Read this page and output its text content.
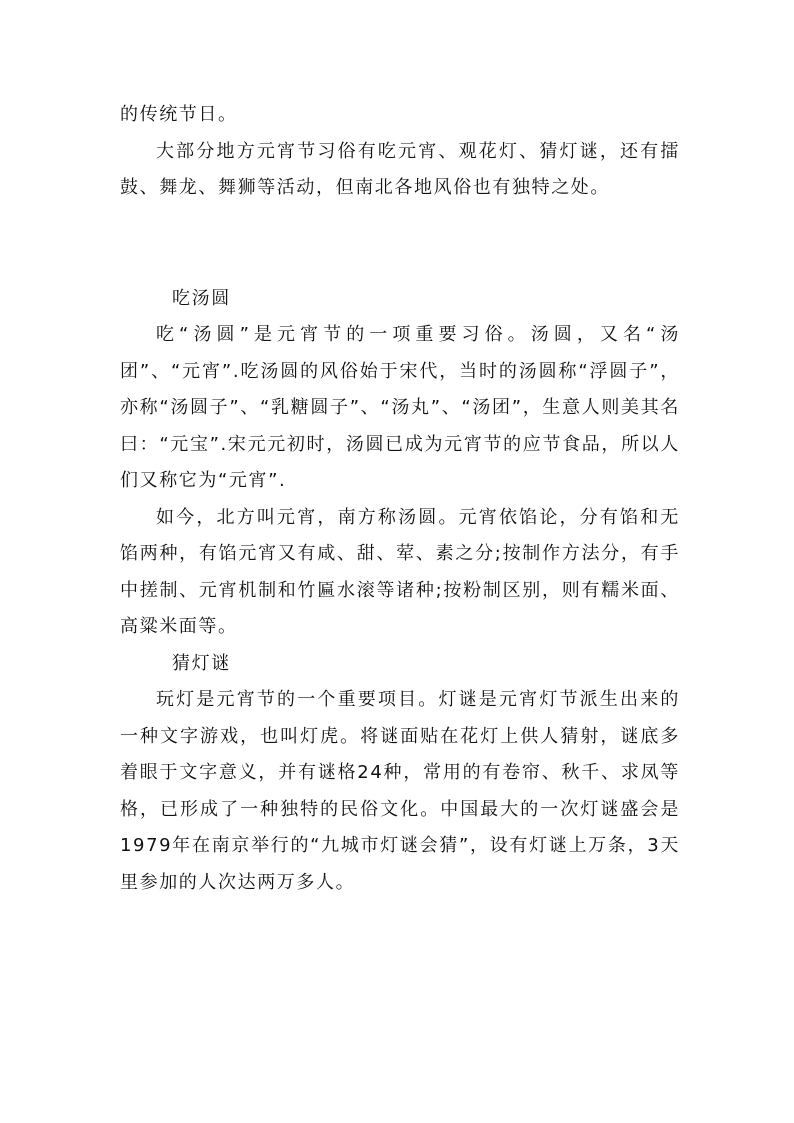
的传统节日。

大部分地方元宵节习俗有吃元宵、观花灯、猜灯谜，还有擂鼓、舞龙、舞狮等活动，但南北各地风俗也有独特之处。

吃汤圆

吃“汤圆”是元宵节的一项重要习俗。汤圆，又名“汤团”、“元宵”.吃汤圆的风俗始于宋代，当时的汤圆称“浮圆子”，亦称“汤圆子”、“乳糖圆子”、“汤丸”、“汤团”，生意人则美其名曰：“元宝”.宋元元初时，汤圆已成为元宵节的应节食品，所以人们又称它为“元宵”.

如今，北方叫元宵，南方称汤圆。元宵依馅论，分有馅和无馅两种，有馅元宵又有咸、甜、荤、素之分;按制作方法分，有手中搓制、元宵机制和竹匾水滚等诸种;按粉制区别，则有糯米面、高粱米面等。

猜灯谜

玩灯是元宵节的一个重要项目。灯谜是元宵灯节派生出来的一种文字游戏，也叫灯虎。将谜面贴在花灯上供人猜射，谜底多着眼于文字意义，并有谜格24种，常用的有卷帘、秋千、求凤等格，已形成了一种独特的民俗文化。中国最大的一次灯谜盛会是1979年在南京举行的“九城市灯谜会猜”，设有灯谜上万条，3天里参加的人次达两万多人。
